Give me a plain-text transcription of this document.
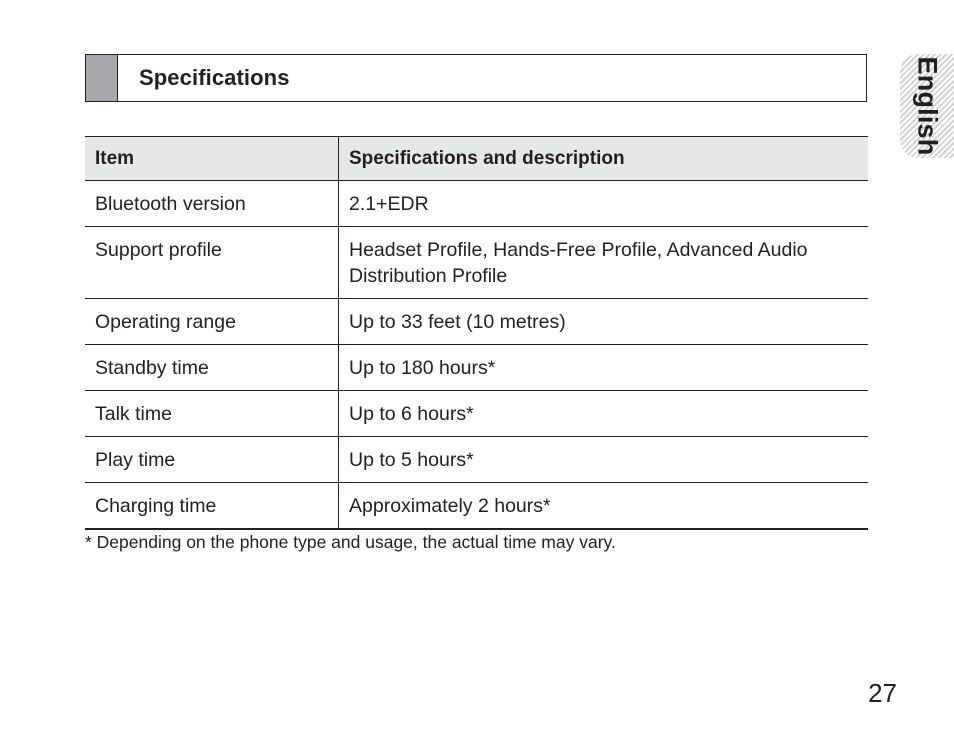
Specifications	English
Item	Specifications and description
Bluetooth version	2.1+EDR
Support profile	Headset Profile, Hands-Free Profile, Advanced Audio Distribution Profile
Operating range	Up to 33 feet (10 metres)
Standby time	Up to 180 hours*
Talk time	Up to 6 hours*
Play time	Up to 5 hours*
Charging time	Approximately 2 hours*
* Depending on the phone type and usage, the actual time may vary.
27
